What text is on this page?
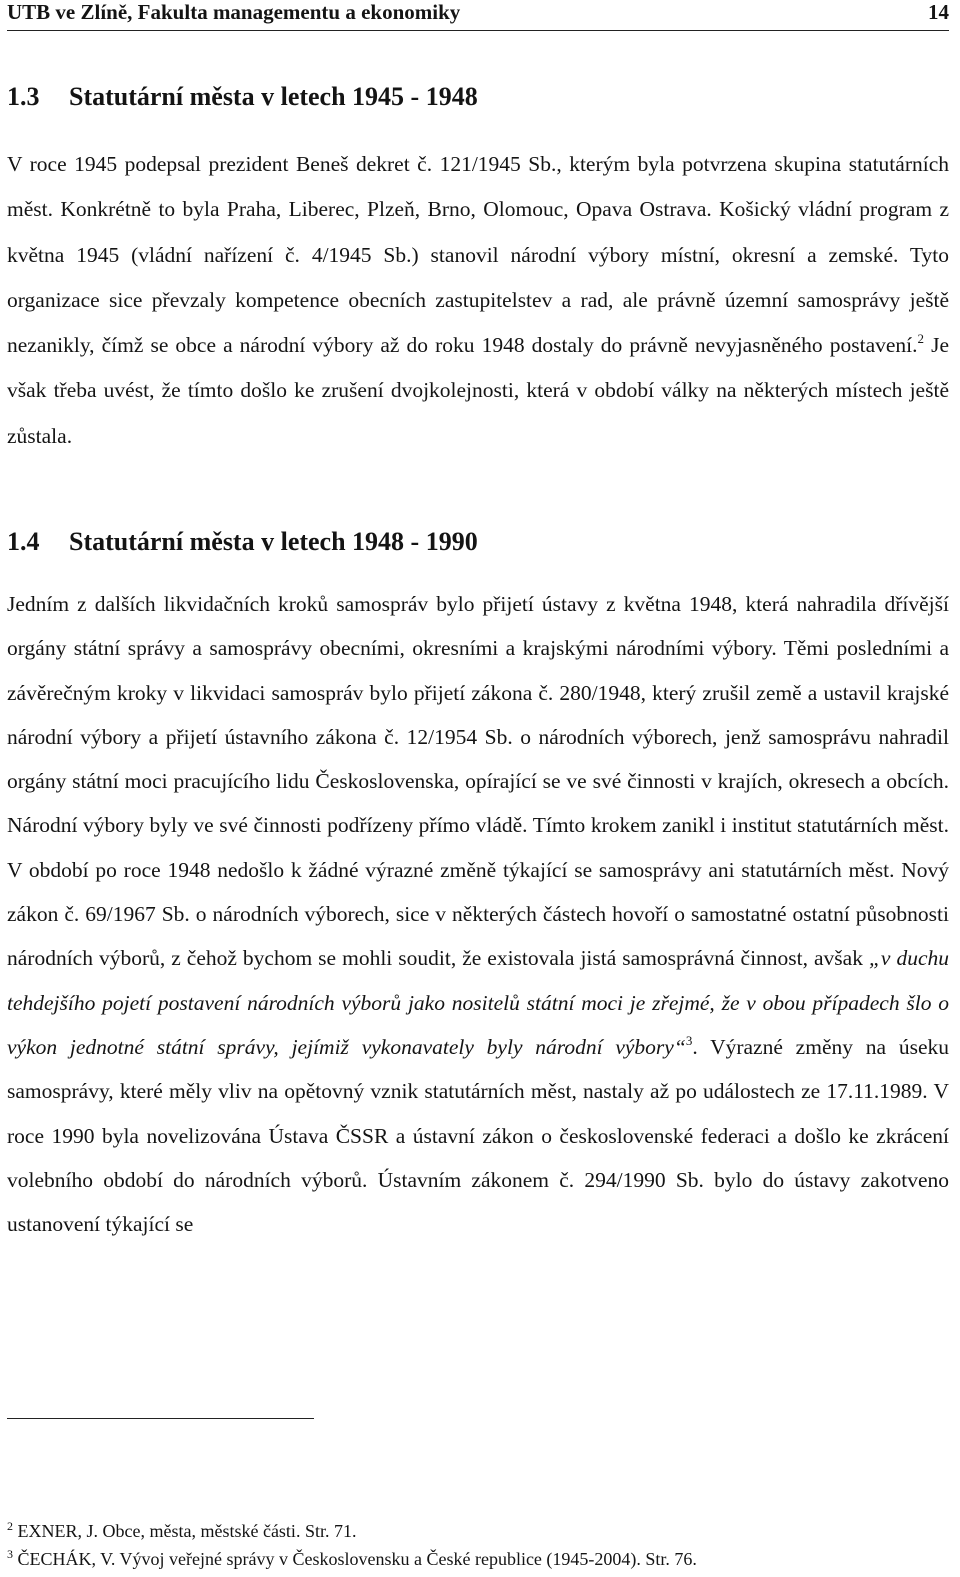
UTB ve Zlíně, Fakulta managementu a ekonomiky	14
1.3 Statutární města v letech 1945 - 1948

V roce 1945 podepsal prezident Beneš dekret č. 121/1945 Sb., kterým byla potvrzena skupina statutárních měst. Konkrétně to byla Praha, Liberec, Plzeň, Brno, Olomouc, Opava Ostrava. Košický vládní program z května 1945 (vládní nařízení č. 4/1945 Sb.) stanovil národní výbory místní, okresní a zemské. Tyto organizace sice převzaly kompetence obecních zastupitelstev a rad, ale právně územní samosprávy ještě nezanikly, čímž se obce a národní výbory až do roku 1948 dostaly do právně nevyjasněného postavení.$^2$ Je však třeba uvést, že tímto došlo ke zrušení dvojkolejnosti, která v období války na některých místech ještě zůstala.

1.4 Statutární města v letech 1948 - 1990

Jedním z dalších likvidačních kroků samospráv bylo přijetí ústavy z května 1948, která nahradila dřívější orgány státní správy a samosprávy obecními, okresními a krajskými národními výbory. Těmi posledními a závěrečným kroky v likvidaci samospráv bylo přijetí zákona č. 280/1948, který zrušil země a ustavil krajské národní výbory a přijetí ústavního zákona č. 12/1954 Sb. o národních výborech, jenž samosprávu nahradil orgány státní moci pracujícího lidu Československa, opírající se ve své činnosti v krajích, okresech a obcích. Národní výbory byly ve své činnosti podřízeny přímo vládě. Tímto krokem zanikl i institut statutárních měst. V období po roce 1948 nedošlo k žádné výrazné změně týkající se samosprávy ani statutárních měst. Nový zákon č. 69/1967 Sb. o národních výborech, sice v některých částech hovoří o samostatné ostatní působnosti národních výborů, z čehož bychom se mohli soudit, že existovala jistá samosprávná činnost, avšak „v duchu tehdejšího pojetí postavení národních výborů jako nositelů státní moci je zřejmé, že v obou případech šlo o výkon jednotné státní správy, jejímiž vykonavately byly národní výbory“$^3$. Výrazné změny na úseku samosprávy, které měly vliv na opětovný vznik statutárních měst, nastaly až po událostech ze 17.11.1989. V roce 1990 byla novelizována Ústava ČSSR a ústavní zákon o československé federaci a došlo ke zkrácení volebního období do národních výborů. Ústavním zákonem č. 294/1990 Sb. bylo do ústavy zakotveno ustanovení týkající se

$^2$ EXNER, J. Obce, města, městské části. Str. 71.
$^3$ ČECHÁK, V. Vývoj veřejné správy v Československu a České republice (1945-2004). Str. 76.
